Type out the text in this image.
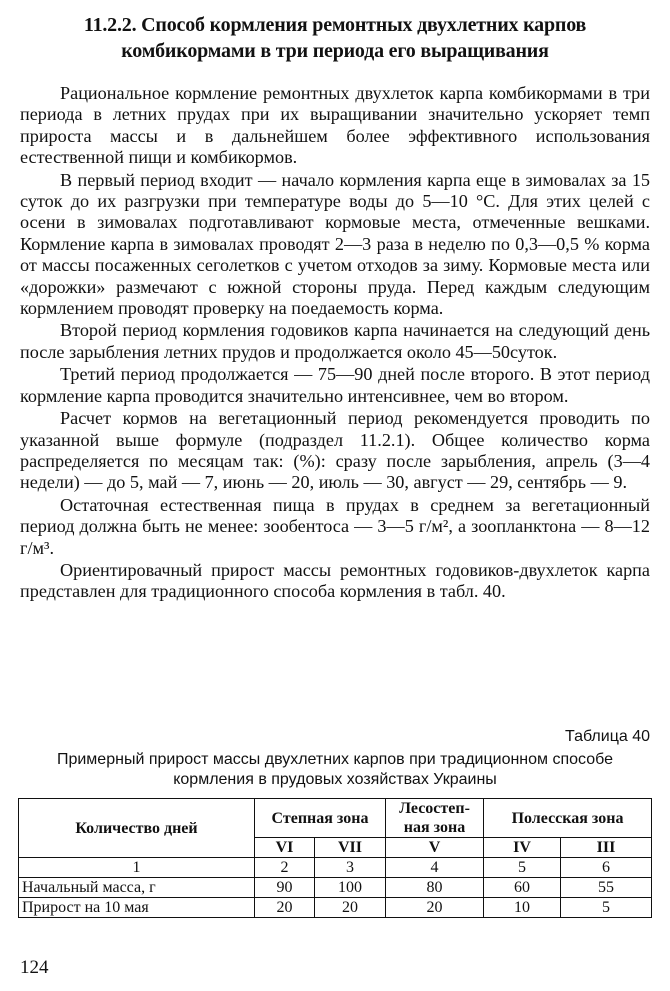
11.2.2. Способ кормления ремонтных двухлетних карпов комбикормами в три периода его выращивания

Рациональное кормление ремонтных двухлеток карпа комбикормами в три периода в летних прудах при их выращивании значительно ускоряет темп прироста массы и в дальнейшем более эффективного использования естественной пищи и комбикормов.

В первый период входит — начало кормления карпа еще в зимовалах за 15 суток до их разгрузки при температуре воды до 5—10 °С. Для этих целей с осени в зимовалах подготавливают кормовые места, отмеченные вешками. Кормление карпа в зимовалах проводят 2—3 раза в неделю по 0,3—0,5 % корма от массы посаженных сеголетков с учетом отходов за зиму. Кормовые места или «дорожки» размечают с южной стороны пруда. Перед каждым следующим кормлением проводят проверку на поедаемость корма.

Второй период кормления годовиков карпа начинается на следующий день после зарыбления летних прудов и продолжается около 45—50суток.

Третий период продолжается — 75—90 дней после второго. В этот период кормление карпа проводится значительно интенсивнее, чем во втором.

Расчет кормов на вегетационный период рекомендуется проводить по указанной выше формуле (подраздел 11.2.1). Общее количество корма распределяется по месяцам так: (%): сразу после зарыбления, апрель (3—4 недели) — до 5, май — 7, июнь — 20, июль — 30, август — 29, сентябрь — 9.

Остаточная естественная пища в прудах в среднем за вегетационный период должна быть не менее: зообентоса — 3—5 г/м², а зоопланктона — 8—12 г/м³.

Ориентировачный прирост массы ремонтных годовиков-двухлеток карпа представлен для традиционного способа кормления в табл. 40.

Таблица 40

Примерный прирост массы двухлетних карпов при традиционном способе кормления в прудовых хозяйствах Украины

Количество дней	Степная зона		Лесостеп-ная зона	Полесская зона	
	VI	VII	V	IV	III
1	2	3	4	5	6
Начальный масса, г	90	100	80	60	55
Прирост на 10 мая	20	20	20	10	5

124
